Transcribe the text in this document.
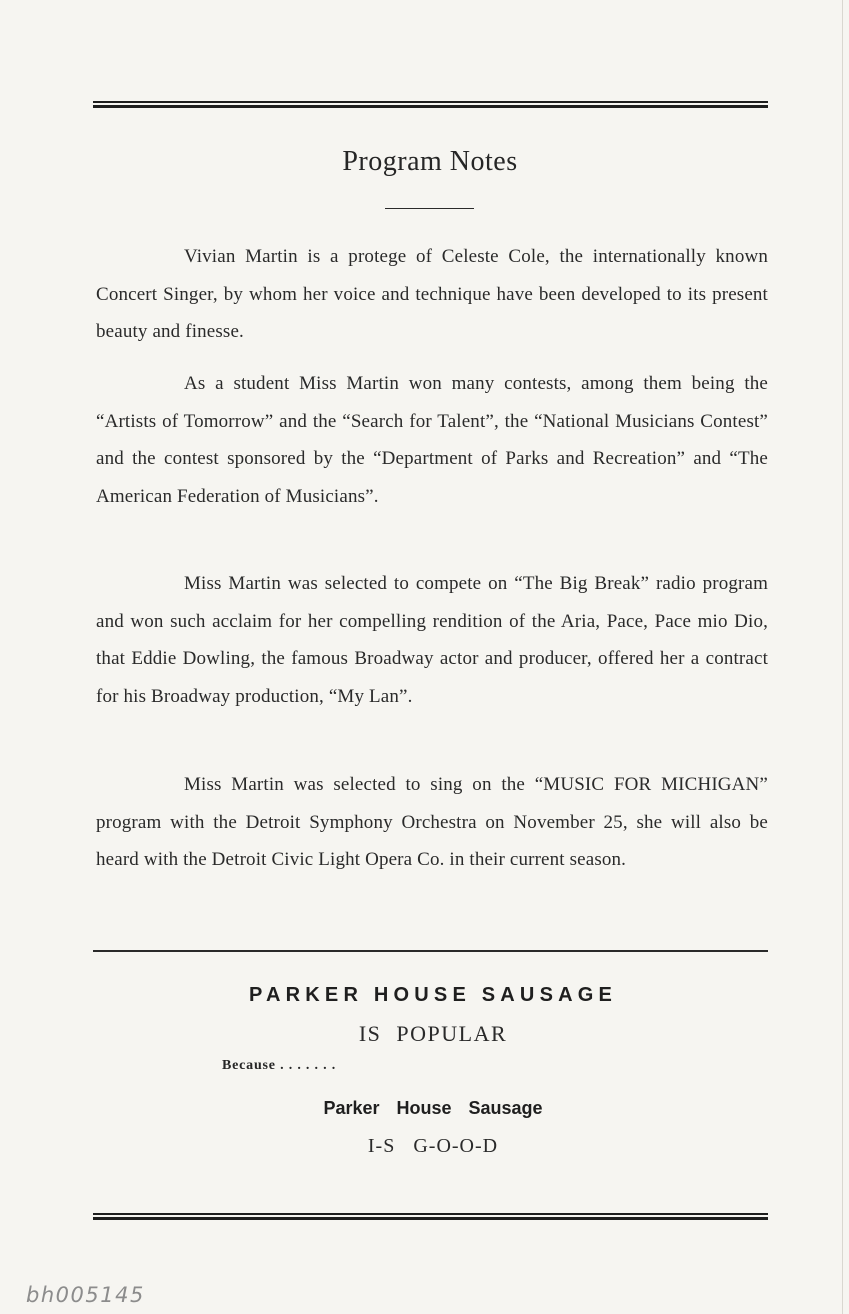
Program Notes

Vivian Martin is a protege of Celeste Cole, the internationally known Concert Singer, by whom her voice and technique have been developed to its present beauty and finesse.

As a student Miss Martin won many contests, among them being the “Artists of Tomorrow” and the “Search for Talent”, the “National Musicians Contest” and the contest sponsored by the “Department of Parks and Recreation” and “The American Federation of Musicians”.

Miss Martin was selected to compete on “The Big Break” radio program and won such acclaim for her compelling rendition of the Aria, Pace, Pace mio Dio, that Eddie Dowling, the famous Broadway actor and producer, offered her a contract for his Broadway production, “My Lan”.

Miss Martin was selected to sing on the “MUSIC FOR MICHIGAN” program with the Detroit Symphony Orchestra on November 25, she will also be heard with the Detroit Civic Light Opera Co. in their current season.

PARKER HOUSE SAUSAGE
IS POPULAR
Because . . . . . . .
Parker House Sausage
I-S G-O-O-D
bh005145
